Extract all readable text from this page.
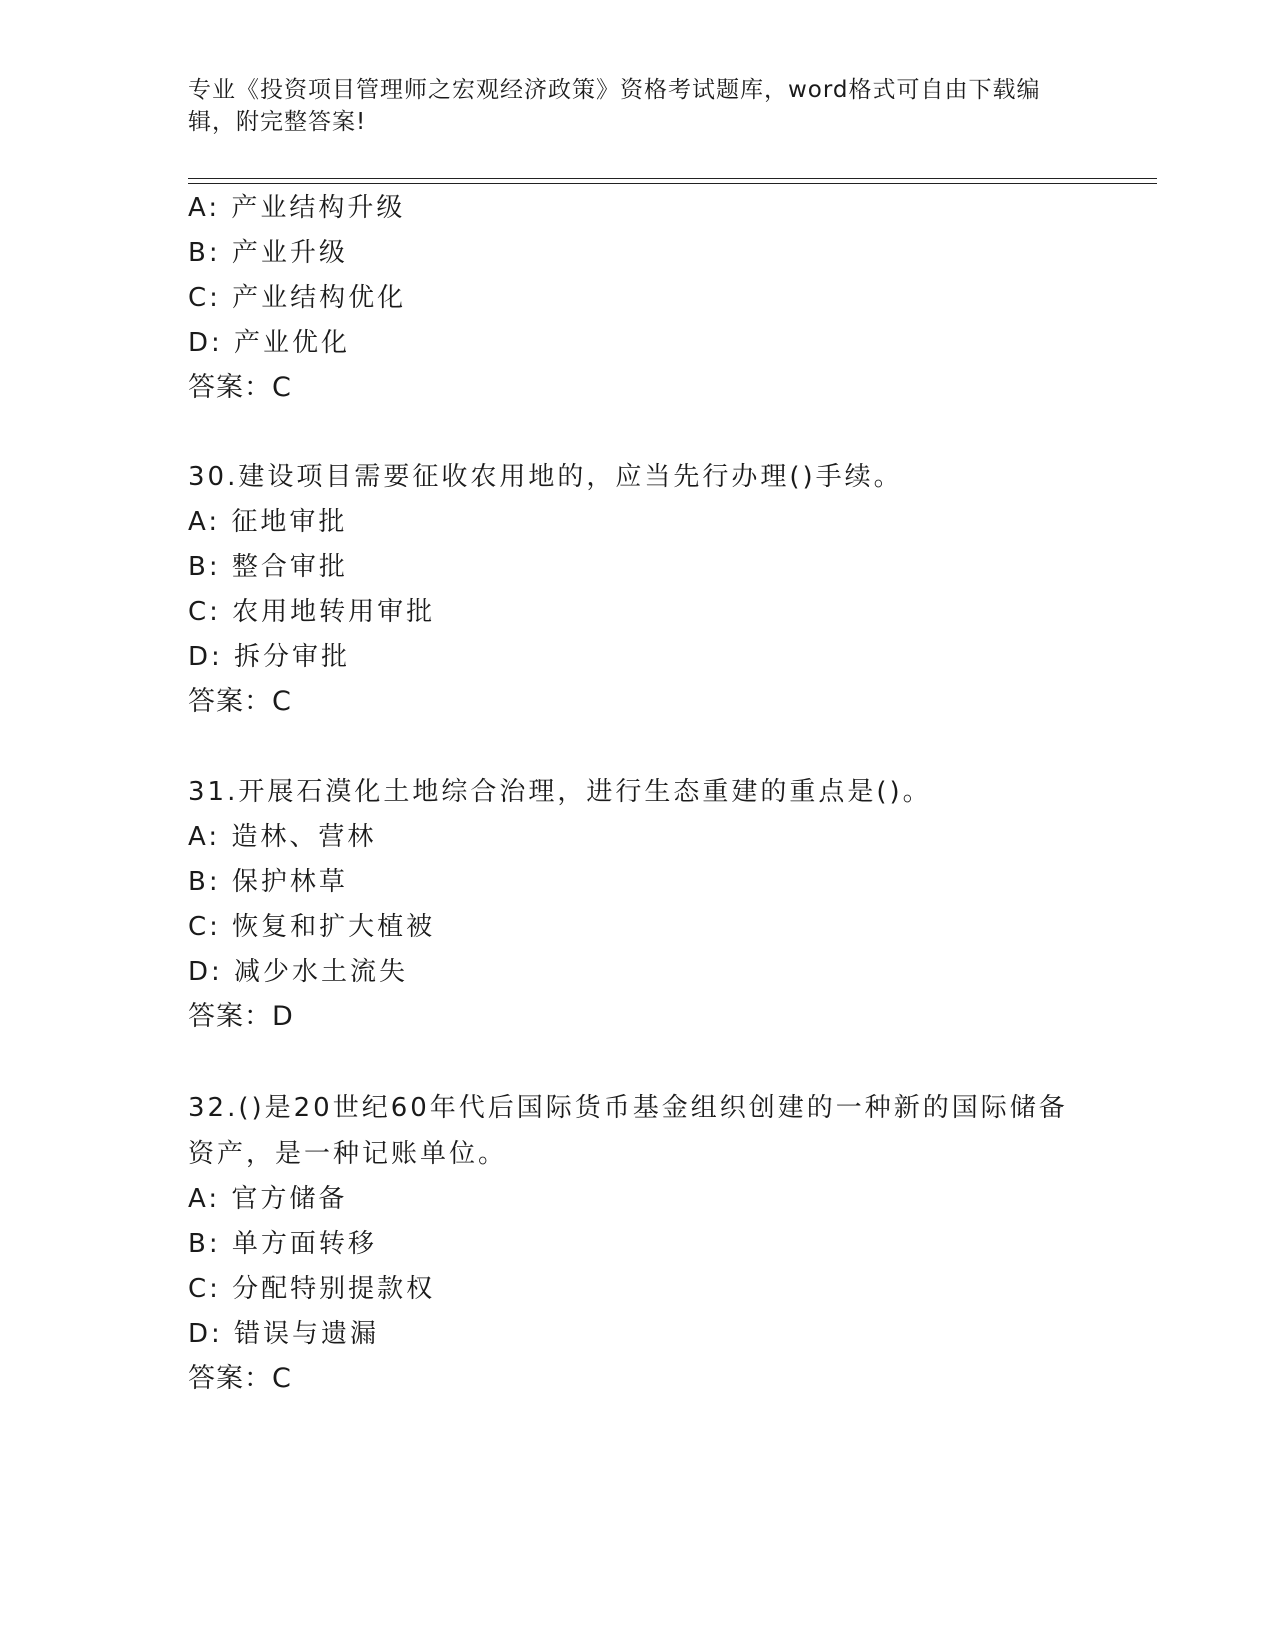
专业《投资项目管理师之宏观经济政策》资格考试题库，word格式可自由下载编辑，附完整答案!
A: 产业结构升级
B: 产业升级
C: 产业结构优化
D: 产业优化
答案：C
30.建设项目需要征收农用地的，应当先行办理()手续。
A: 征地审批
B: 整合审批
C: 农用地转用审批
D: 拆分审批
答案：C
31.开展石漠化土地综合治理，进行生态重建的重点是()。
A: 造林、营林
B: 保护林草
C: 恢复和扩大植被
D: 减少水土流失
答案：D
32.()是20世纪60年代后国际货币基金组织创建的一种新的国际储备资产，是一种记账单位。
A: 官方储备
B: 单方面转移
C: 分配特别提款权
D: 错误与遗漏
答案：C
